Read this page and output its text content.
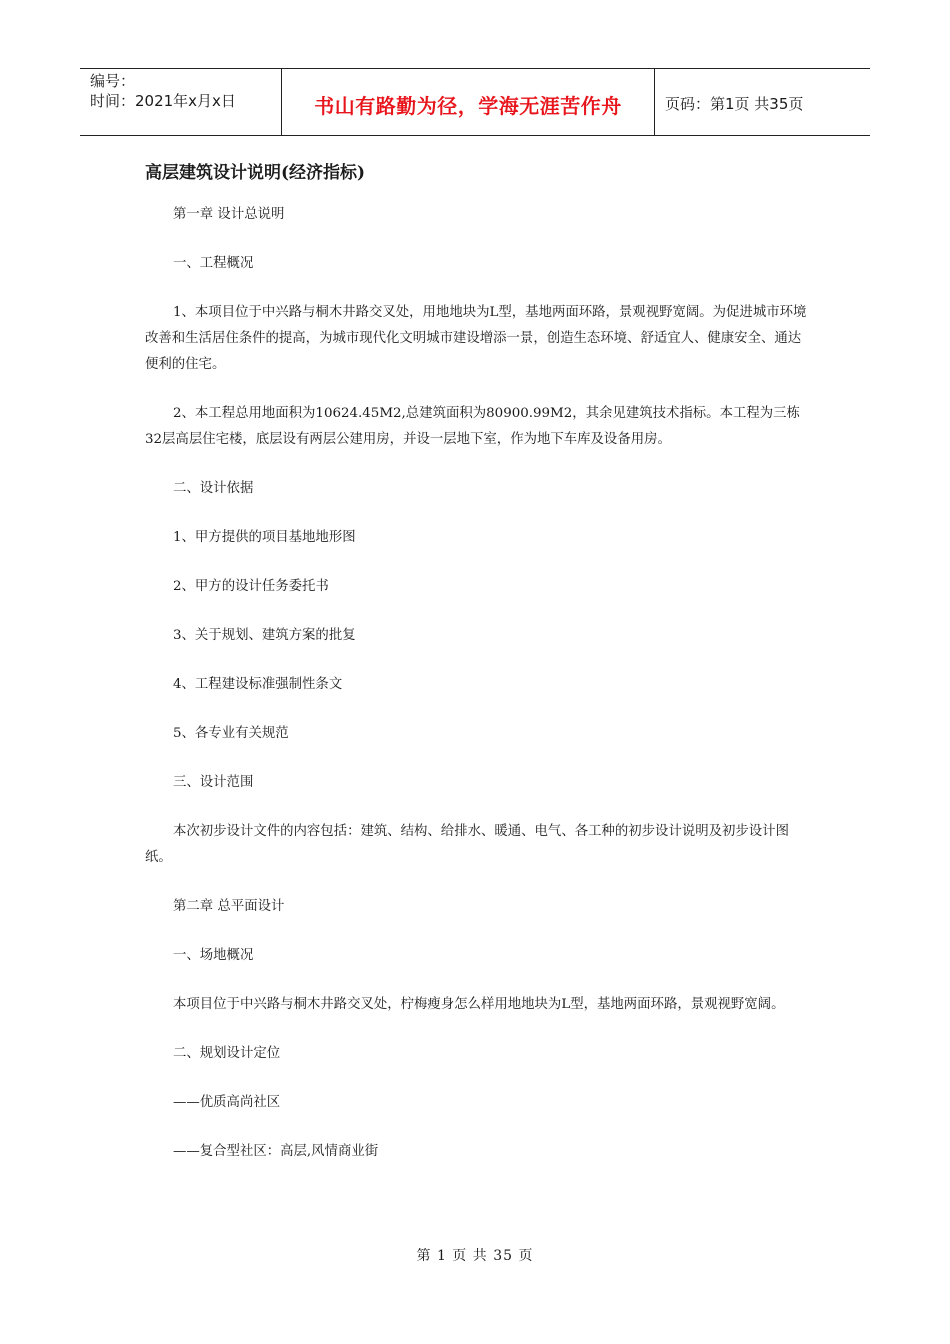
编号：
时间：2021年x月x日	书山有路勤为径，学海无涯苦作舟	页码：第1页 共35页
高层建筑设计说明(经济指标)

第一章 设计总说明

一、工程概况

1、本项目位于中兴路与桐木井路交叉处，用地地块为L型，基地两面环路，景观视野宽阔。为促进城市环境改善和生活居住条件的提高，为城市现代化文明城市建设增添一景，创造生态环境、舒适宜人、健康安全、通达便利的住宅。

2、本工程总用地面积为10624.45M2,总建筑面积为80900.99M2，其余见建筑技术指标。本工程为三栋32层高层住宅楼，底层设有两层公建用房，并设一层地下室，作为地下车库及设备用房。

二、设计依据

1、甲方提供的项目基地地形图

2、甲方的设计任务委托书

3、关于规划、建筑方案的批复

4、工程建设标准强制性条文

5、各专业有关规范

三、设计范围

本次初步设计文件的内容包括：建筑、结构、给排水、暖通、电气、各工种的初步设计说明及初步设计图纸。

第二章 总平面设计

一、场地概况

本项目位于中兴路与桐木井路交叉处，柠梅瘦身怎么样用地地块为L型，基地两面环路，景观视野宽阔。

二、规划设计定位

——优质高尚社区

——复合型社区：高层,风情商业街

第 1 页 共 35 页
